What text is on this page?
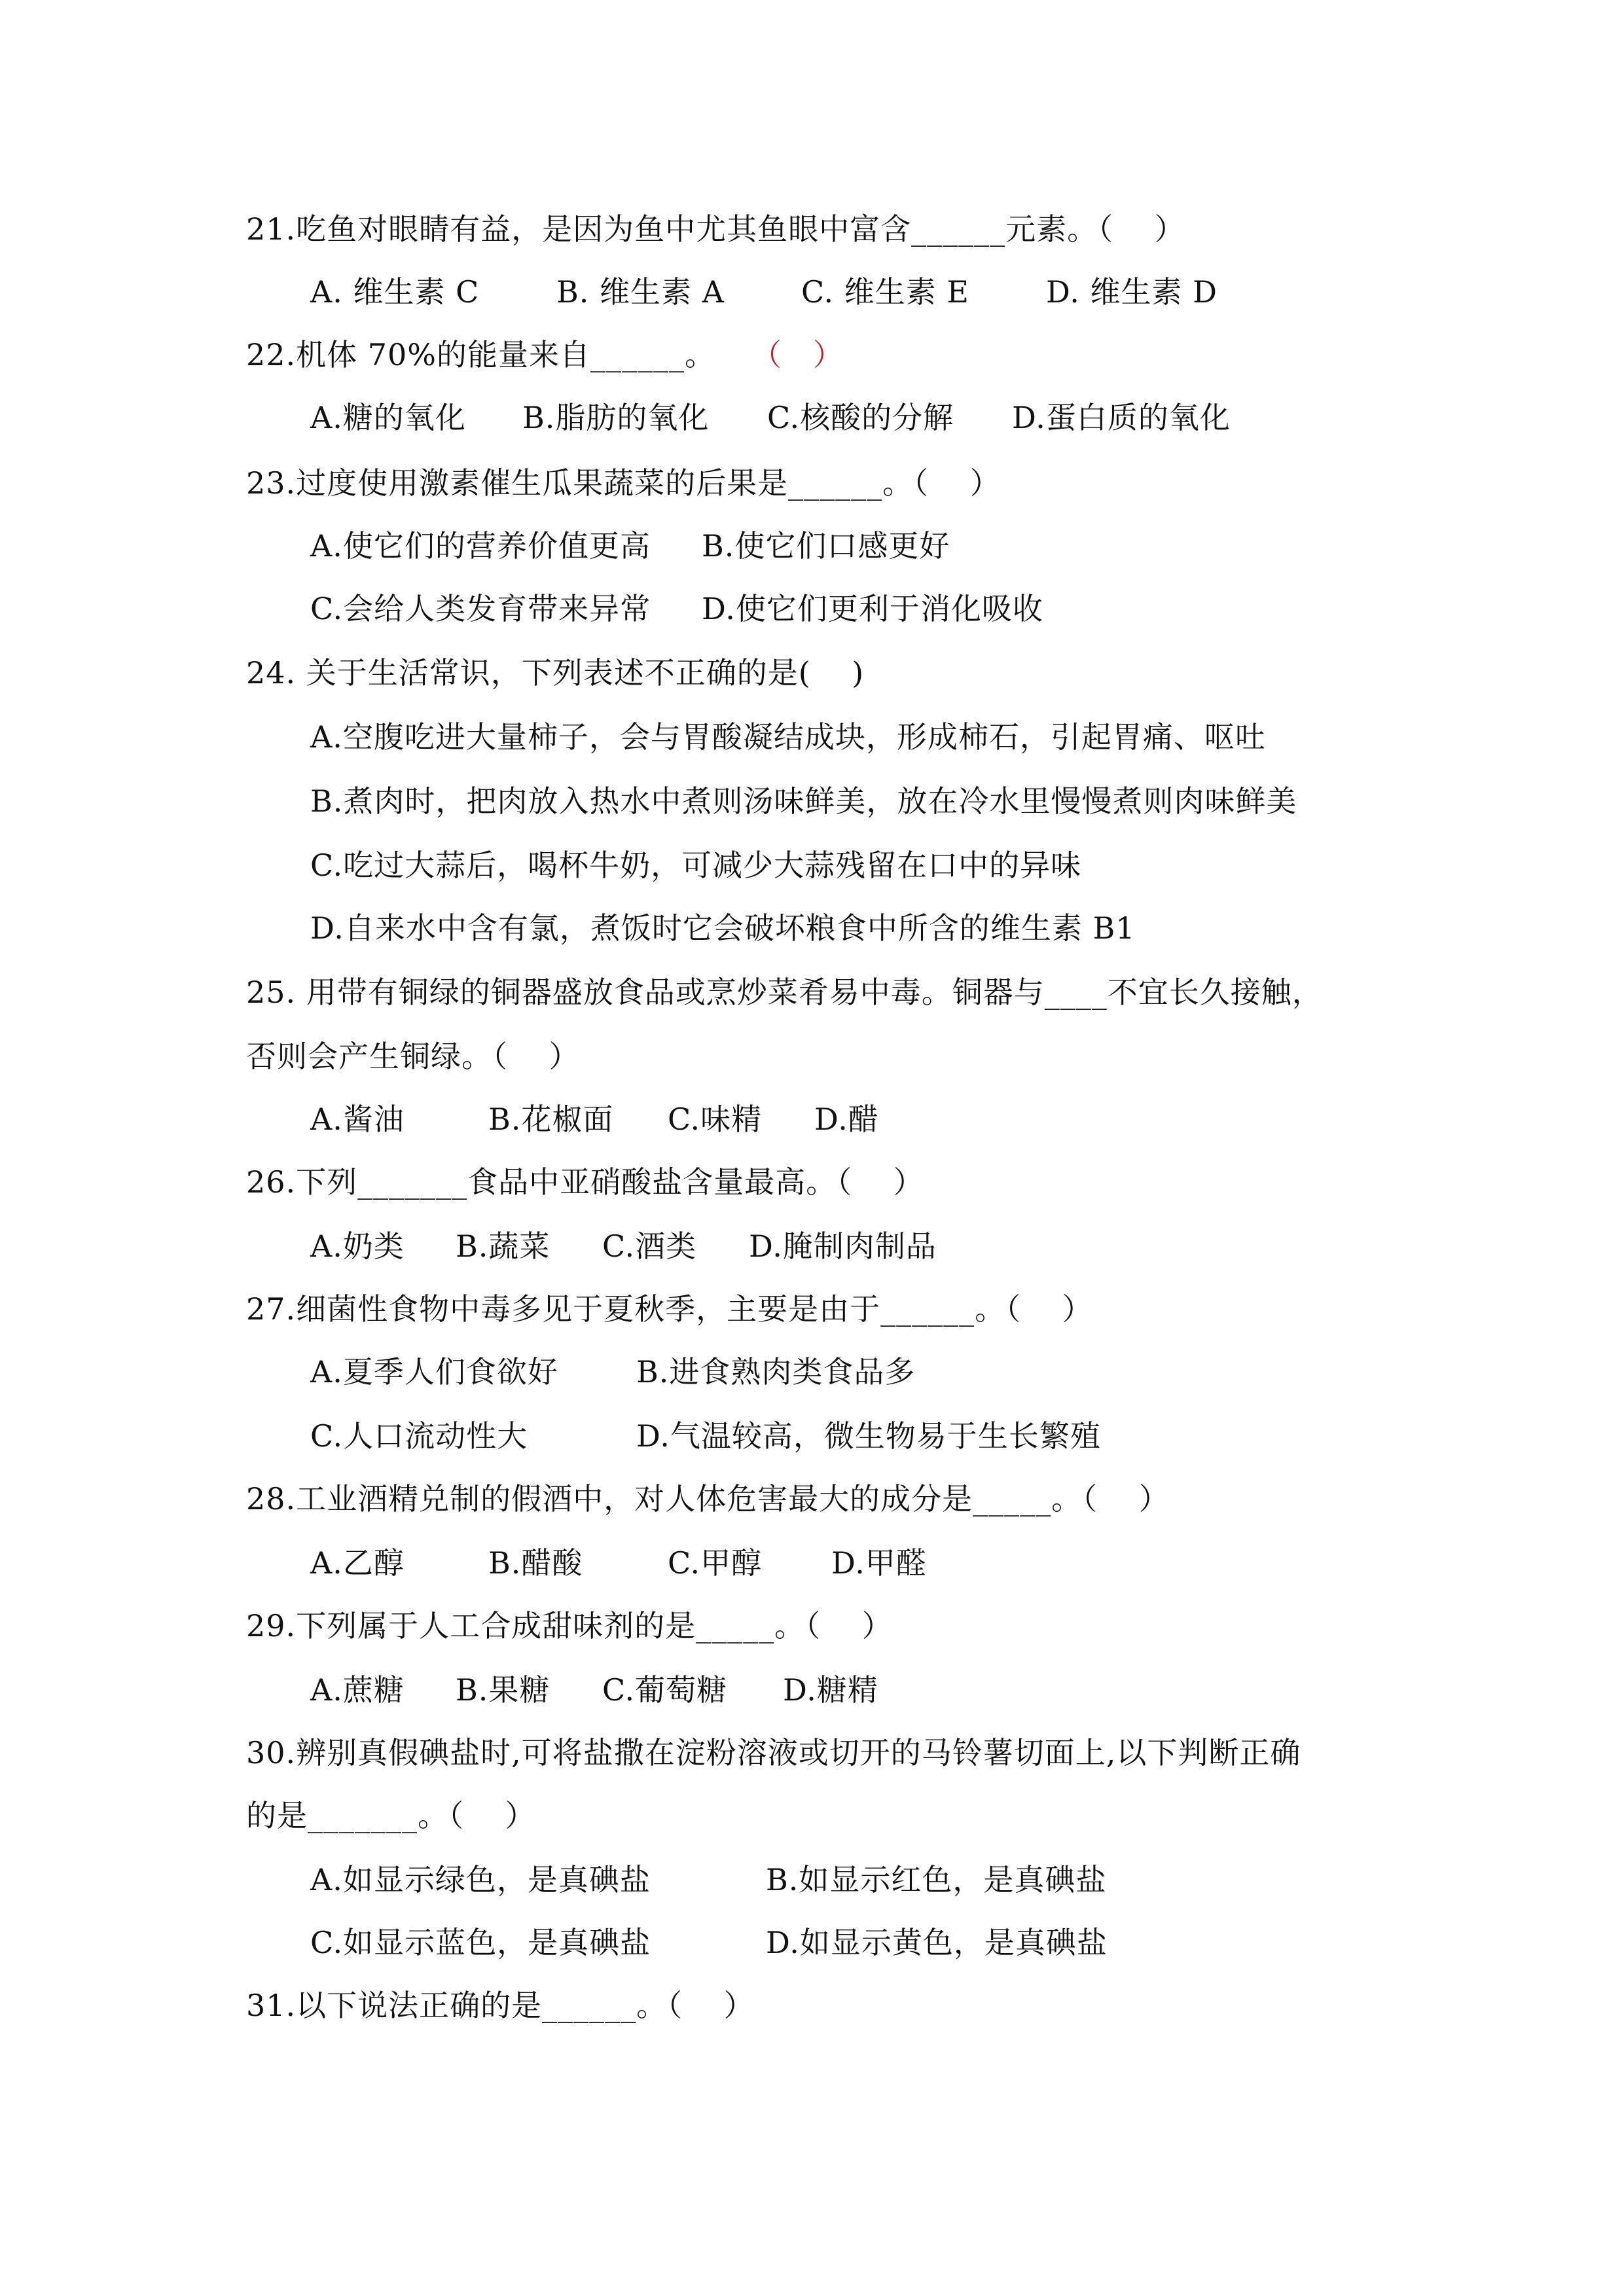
21.吃鱼对眼睛有益，是因为鱼中尤其鱼眼中富含______元素。（    ）

A. 维生素 C

	B. 维生素 A

	C. 维生素 E

	D. 维生素 D

22.机体 70%的能量来自______。

（   ）

A.糖的氧化

B.脂肪的氧化

C.核酸的分解

D.蛋白质的氧化

23.过度使用激素催生瓜果蔬菜的后果是______。（    ）

A.使它们的营养价值更高

B.使它们口感更好

C.会给人类发育带来异常

D.使它们更利于消化吸收

24. 关于生活常识，下列表述不正确的是(    )
A.空腹吃进大量柿子，会与胃酸凝结成块，形成柿石，引起胃痛、呕吐
B.煮肉时，把肉放入热水中煮则汤味鲜美，放在冷水里慢慢煮则肉味鲜美
C.吃过大蒜后，喝杯牛奶，可减少大蒜残留在口中的异味
D.自来水中含有氯，煮饭时它会破坏粮食中所含的维生素 B1
25. 用带有铜绿的铜器盛放食品或烹炒菜肴易中毒。铜器与____不宜长久接触，
否则会产生铜绿。（    ）

A.酱油

	B.花椒面

C.味精

D.醋

26.下列_______食品中亚硝酸盐含量最高。（    ）

A.奶类

B.蔬菜

C.酒类

D.腌制肉制品

27.细菌性食物中毒多见于夏秋季，主要是由于______。（    ）

A.夏季人们食欲好

	B.进食熟肉类食品多

C.人口流动性大

	D.气温较高，微生物易于生长繁殖

28.工业酒精兑制的假酒中，对人体危害最大的成分是_____。（    ）

A.乙醇

	B.醋酸

	C.甲醇

D.甲醛

29.下列属于人工合成甜味剂的是_____。（    ）

A.蔗糖

B.果糖

C.葡萄糖

D.糖精

30.辨别真假碘盐时,可将盐撒在淀粉溶液或切开的马铃薯切面上,以下判断正确
的是_______。（    ）

A.如显示绿色，是真碘盐

	B.如显示红色，是真碘盐

C.如显示蓝色，是真碘盐

	D.如显示黄色，是真碘盐

31.以下说法正确的是______。（    ）
